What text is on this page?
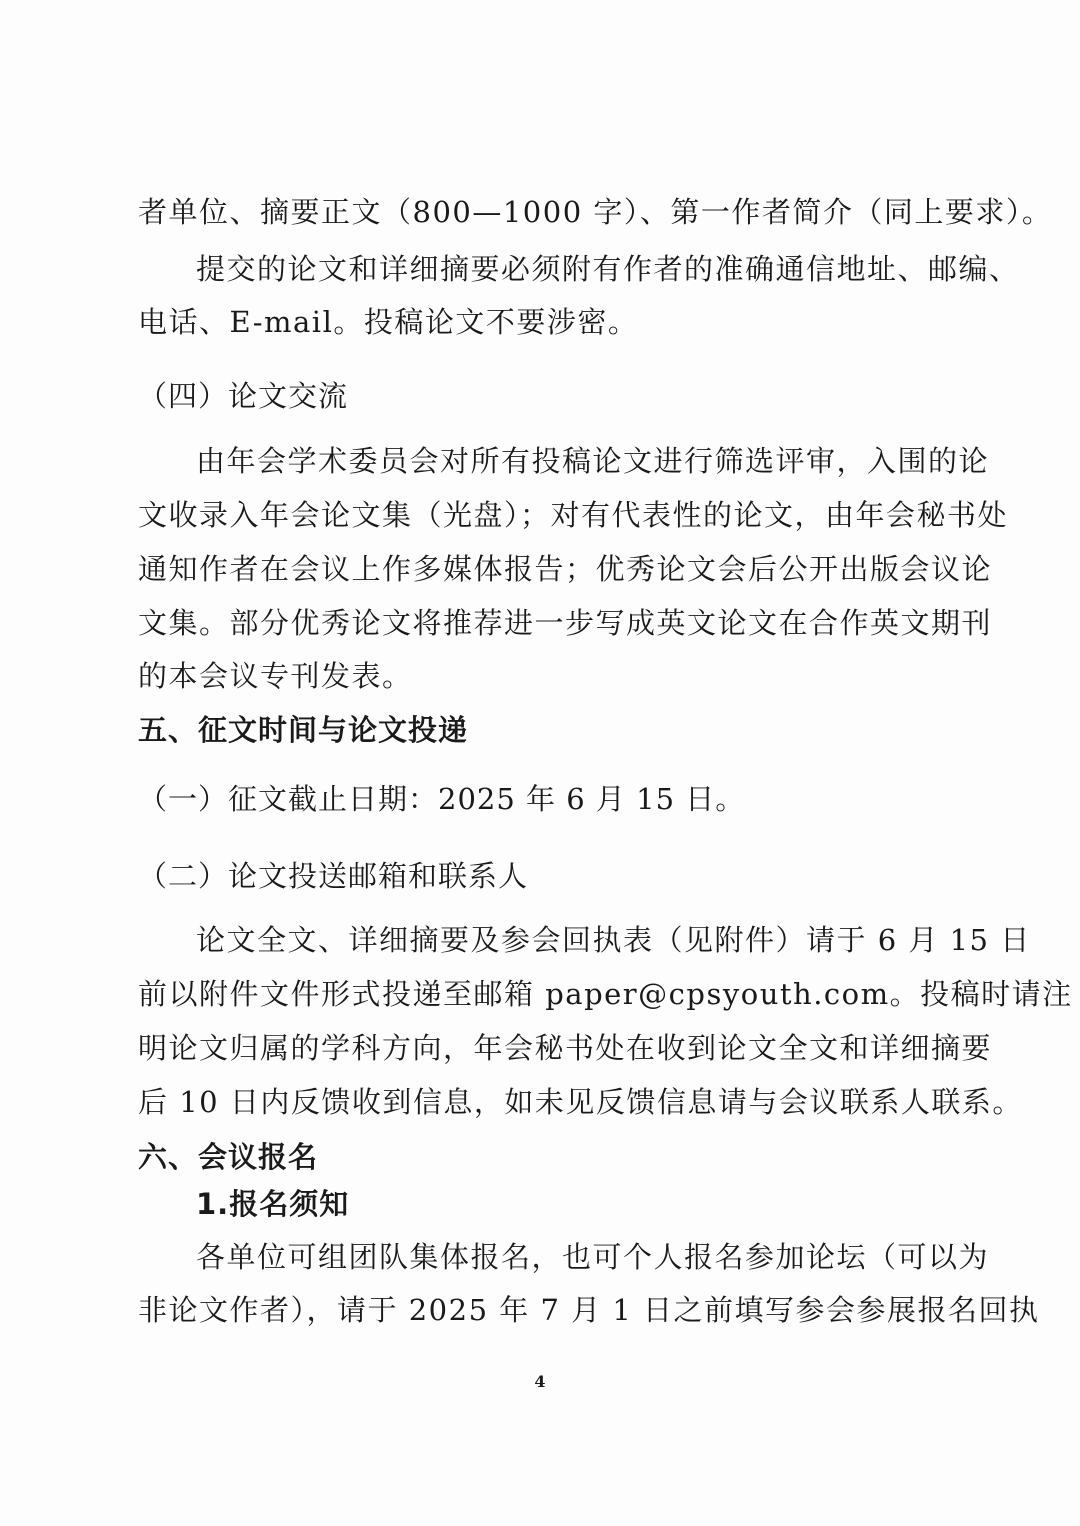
者单位、摘要正文（800—1000 字）、第一作者简介（同上要求）。
提交的论文和详细摘要必须附有作者的准确通信地址、邮编、
电话、E-mail。投稿论文不要涉密。
（四）论文交流
由年会学术委员会对所有投稿论文进行筛选评审，入围的论
文收录入年会论文集（光盘）；对有代表性的论文，由年会秘书处
通知作者在会议上作多媒体报告；优秀论文会后公开出版会议论
文集。部分优秀论文将推荐进一步写成英文论文在合作英文期刊
的本会议专刊发表。
五、征文时间与论文投递
（一）征文截止日期：2025 年 6 月 15 日。
（二）论文投送邮箱和联系人
论文全文、详细摘要及参会回执表（见附件）请于 6 月 15 日
前以附件文件形式投递至邮箱 paper@cpsyouth.com。投稿时请注
明论文归属的学科方向，年会秘书处在收到论文全文和详细摘要
后 10 日内反馈收到信息，如未见反馈信息请与会议联系人联系。
六、会议报名
1.报名须知
各单位可组团队集体报名，也可个人报名参加论坛（可以为
非论文作者），请于 2025 年 7 月 1 日之前填写参会参展报名回执
4
